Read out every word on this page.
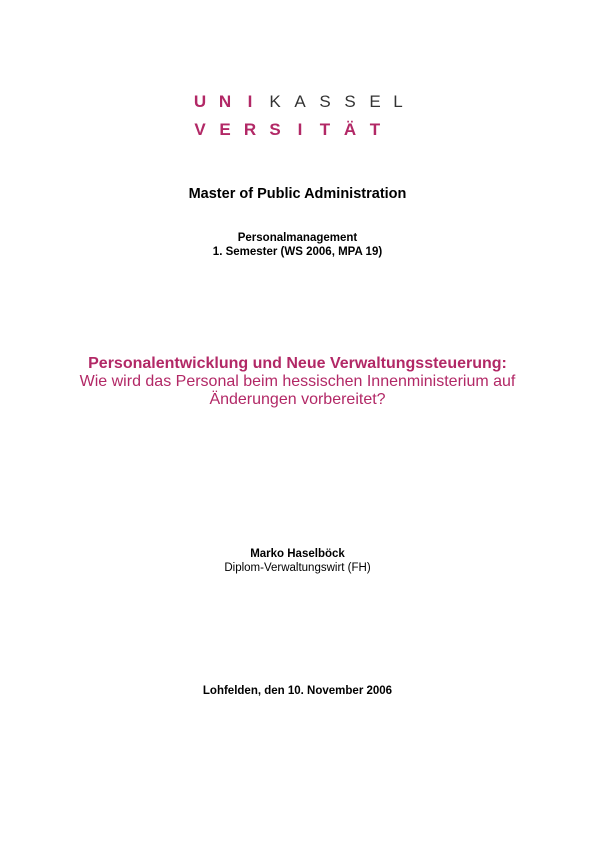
U N I K A S S E L
V E R S I T Ä T
Master of Public Administration
Personalmanagement
1. Semester (WS 2006, MPA 19)
Personalentwicklung und Neue Verwaltungssteuerung:
Wie wird das Personal beim hessischen Innenministerium auf
Änderungen vorbereitet?
Marko Haselböck
Diplom-Verwaltungswirt (FH)
Lohfelden, den 10. November 2006
